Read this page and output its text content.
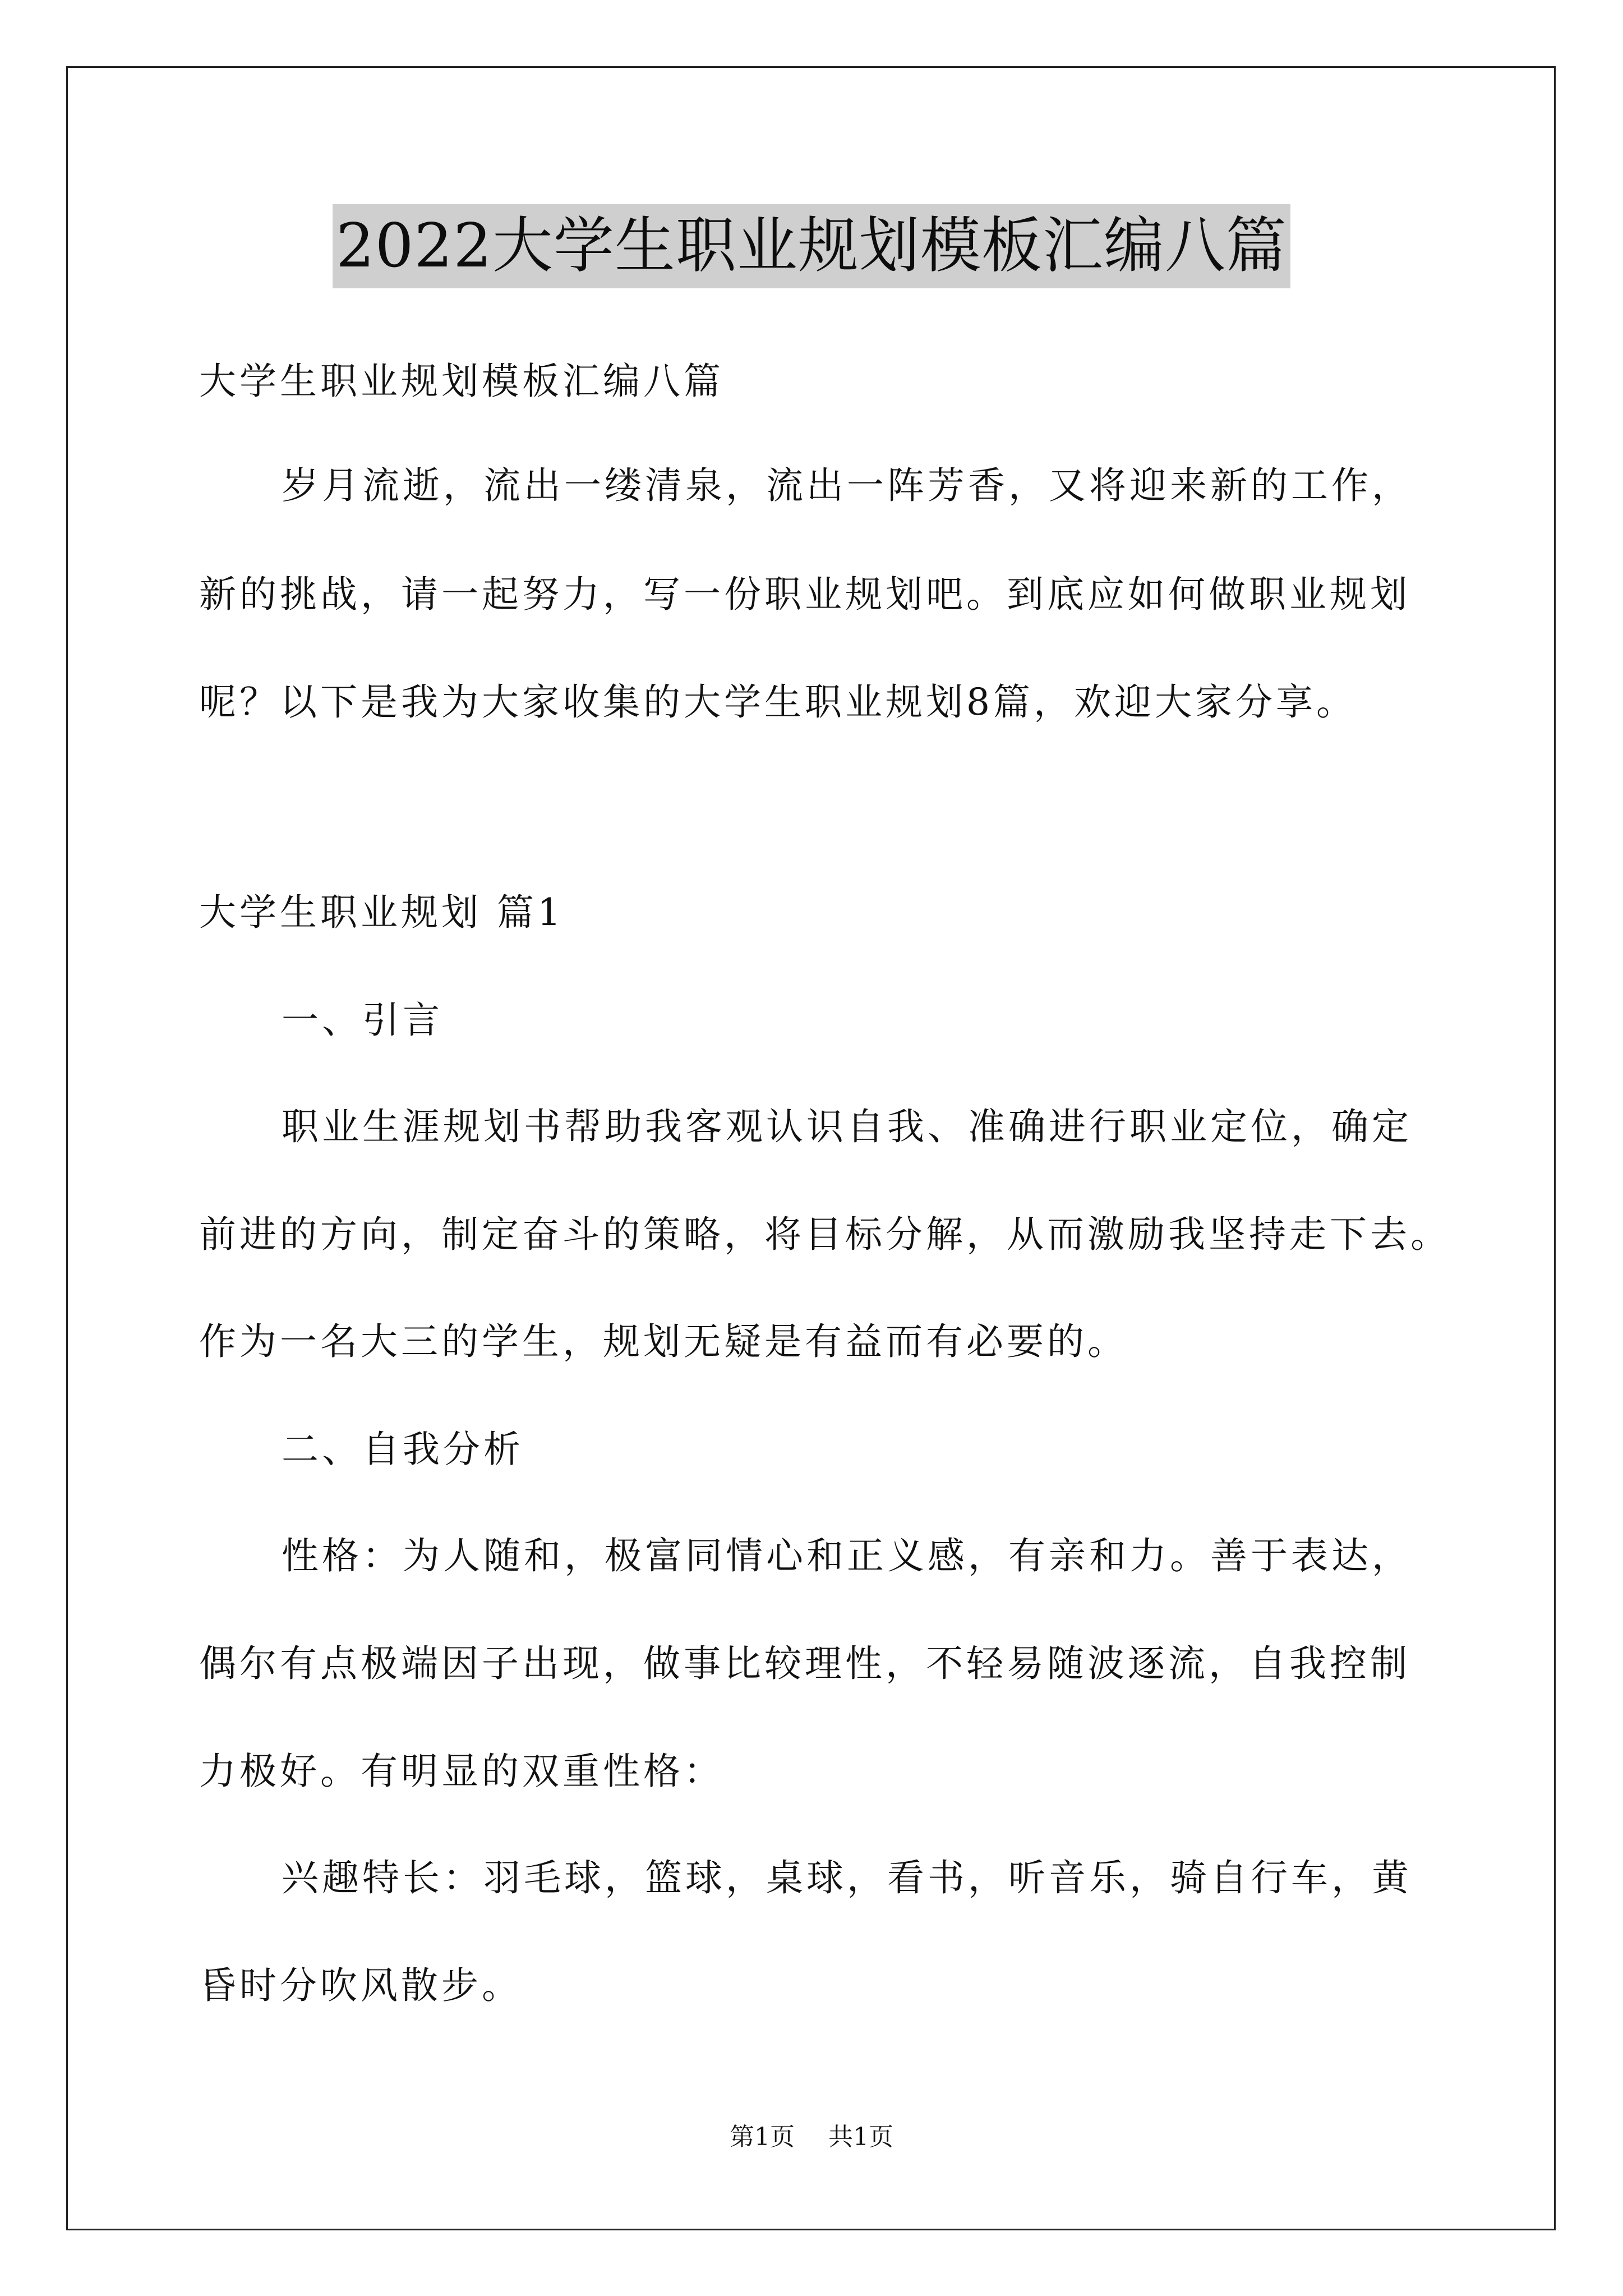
2022大学生职业规划模板汇编八篇
大学生职业规划模板汇编八篇
岁月流逝，流出一缕清泉，流出一阵芳香，又将迎来新的工作，
新的挑战，请一起努力，写一份职业规划吧。到底应如何做职业规划
呢？以下是我为大家收集的大学生职业规划8篇，欢迎大家分享。
大学生职业规划 篇1
一、引言
职业生涯规划书帮助我客观认识自我、准确进行职业定位，确定
前进的方向，制定奋斗的策略，将目标分解，从而激励我坚持走下去。
作为一名大三的学生，规划无疑是有益而有必要的。
二、自我分析
性格：为人随和，极富同情心和正义感，有亲和力。善于表达，
偶尔有点极端因子出现，做事比较理性，不轻易随波逐流，自我控制
力极好。有明显的双重性格：
兴趣特长：羽毛球，篮球，桌球，看书，听音乐，骑自行车，黄
昏时分吹风散步。
第1页 共1页
